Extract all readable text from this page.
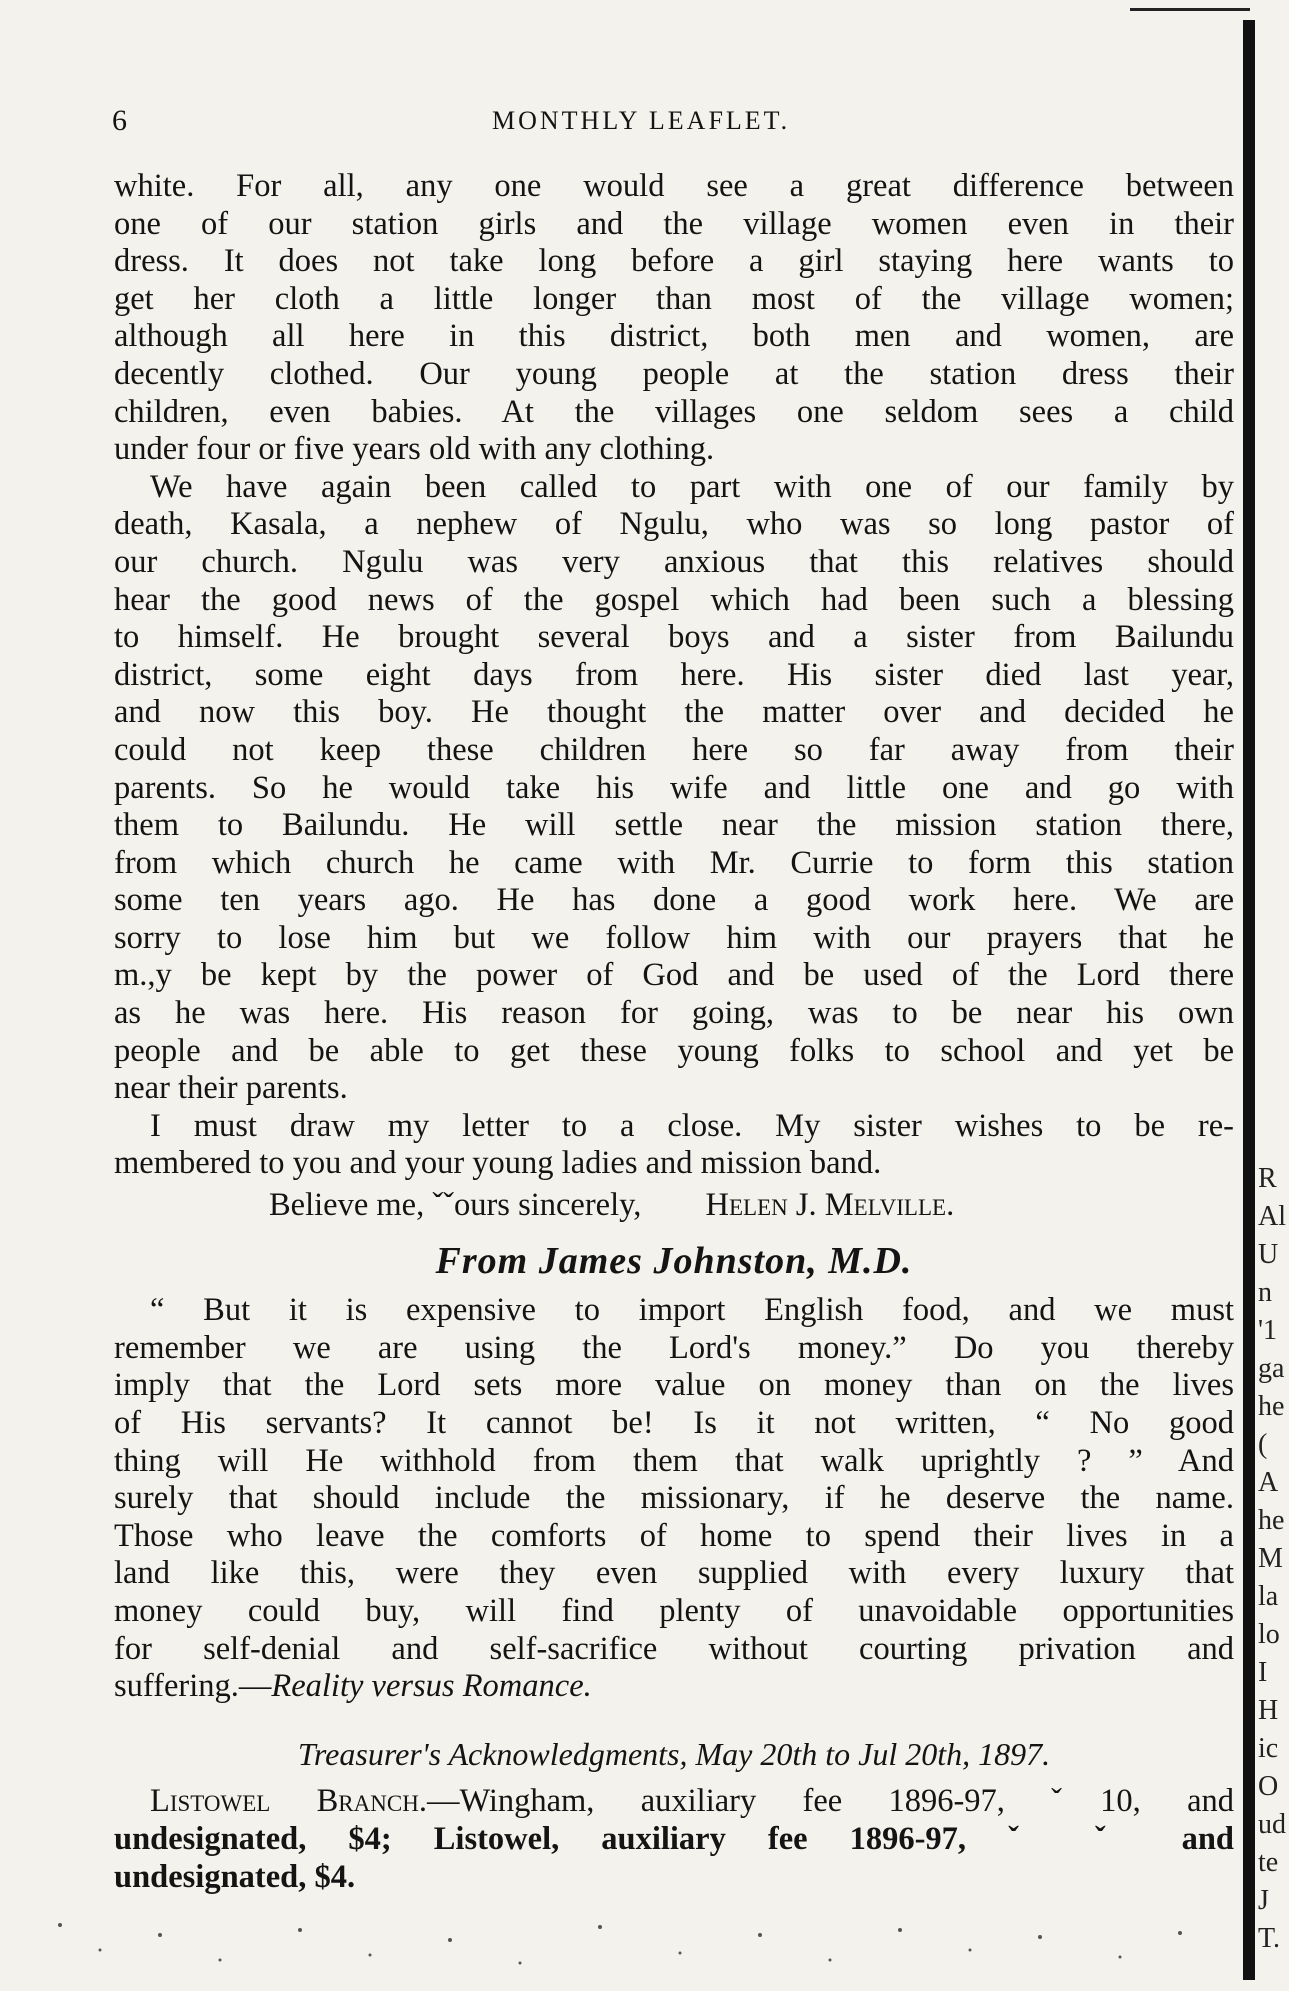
6	MONTHLY LEAFLET.
white. For all, any one would see a great difference between
one of our station girls and the village women even in their
dress. It does not take long before a girl staying here wants to
get her cloth a little longer than most of the village women;
although all here in this district, both men and women, are
decently clothed. Our young people at the station dress their
children, even babies. At the villages one seldom sees a child
under four or five years old with any clothing.
We have again been called to part with one of our family by
death, Kasala, a nephew of Ngulu, who was so long pastor of
our church. Ngulu was very anxious that this relatives should
hear the good news of the gospel which had been such a blessing
to himself. He brought several boys and a sister from Bailundu
district, some eight days from here. His sister died last year,
and now this boy. He thought the matter over and decided he
could not keep these children here so far away from their
parents. So he would take his wife and little one and go with
them to Bailundu. He will settle near the mission station there,
from which church he came with Mr. Currie to form this station
some ten years ago. He has done a good work here. We are
sorry to lose him but we follow him with our prayers that he
m.,y be kept by the power of God and be used of the Lord there
as he was here. His reason for going, was to be near his own
people and be able to get these young folks to school and yet be
near their parents.
I must draw my letter to a close. My sister wishes to be re-
membered to you and your young ladies and mission band.
Believe me, ˇˇours sincerely, Helen J. Melville.
From James Johnston, M.D.
“ But it is expensive to import English food, and we must
remember we are using the Lord's money.” Do you thereby
imply that the Lord sets more value on money than on the lives
of His servants? It cannot be! Is it not written, “ No good
thing will He withhold from them that walk uprightly ? ” And
surely that should include the missionary, if he deserve the name.
Those who leave the comforts of home to spend their lives in a
land like this, were they even supplied with every luxury that
money could buy, will find plenty of unavoidable opportunities
for self-denial and self-sacrifice without courting privation and
suffering.—Reality versus Romance.
Treasurer's Acknowledgments, May 20th to Jul 20th, 1897.
Listowel Branch.—Wingham, auxiliary fee 1896-97, ˇ10, and
undesignated, $4; Listowel, auxiliary fee 1896-97, ˇ ˇ and
undesignated, $4.
R
Al
U
n
'1
ga
he
(
A
he
M
la
lo
I
H
ic
O
ud
te
J
T.
